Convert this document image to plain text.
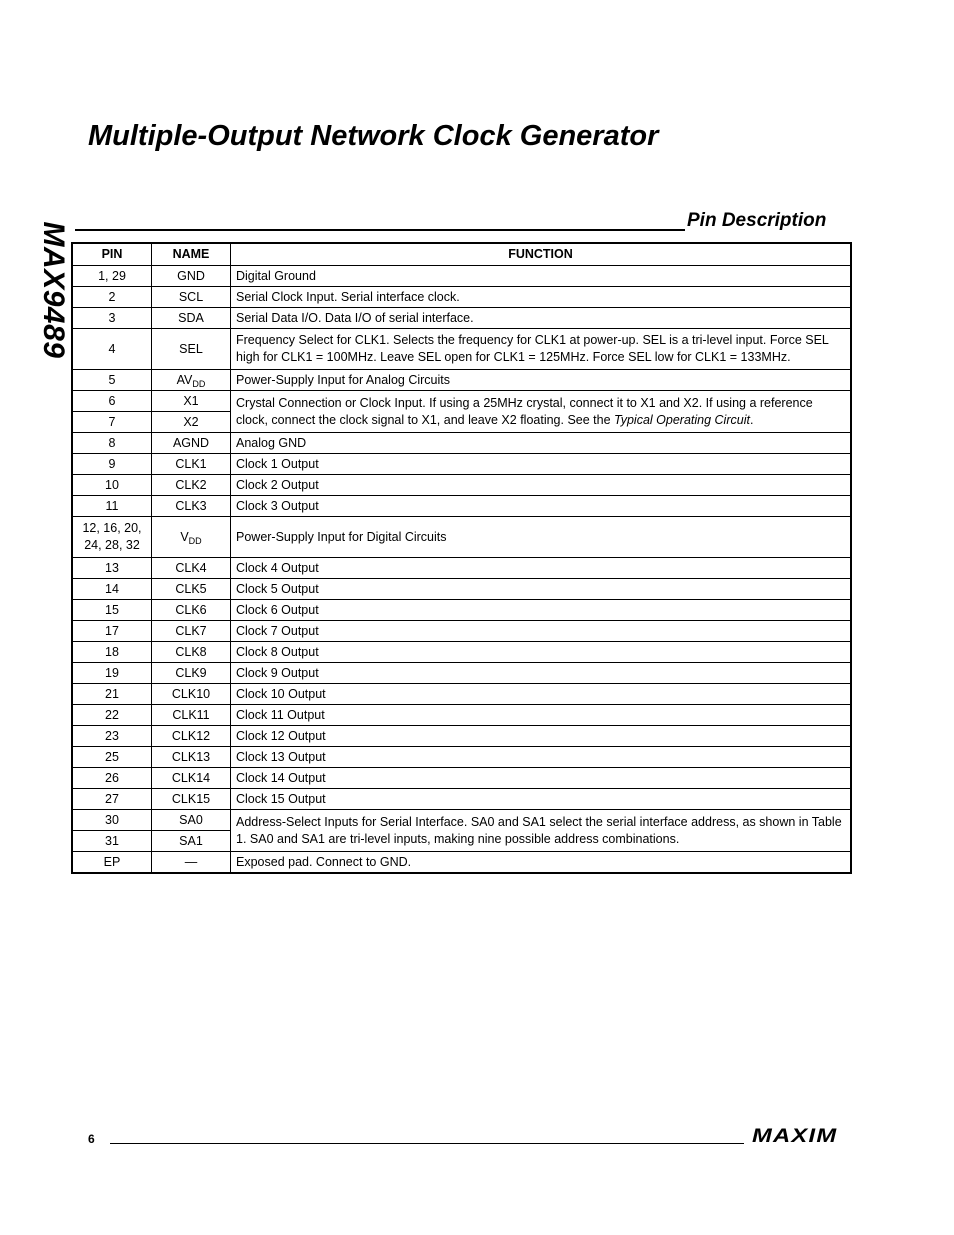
MAX9489
Multiple-Output Network Clock Generator
Pin Description
PIN	NAME	FUNCTION
1, 29	GND	Digital Ground
2	SCL	Serial Clock Input. Serial interface clock.
3	SDA	Serial Data I/O. Data I/O of serial interface.
4	SEL	Frequency Select for CLK1. Selects the frequency for CLK1 at power-up. SEL is a tri-level input. Force SEL high for CLK1 = 100MHz. Leave SEL open for CLK1 = 125MHz. Force SEL low for CLK1 = 133MHz.
5	$AV_{DD}$	Power-Supply Input for Analog Circuits
6	X1	Crystal Connection or Clock Input. If using a 25MHz crystal, connect it to X1 and X2. If using a reference clock, connect the clock signal to X1, and leave X2 floating. See the Typical Operating Circuit.
7	X2	
8	AGND	Analog GND
9	CLK1	Clock 1 Output
10	CLK2	Clock 2 Output
11	CLK3	Clock 3 Output
12, 16, 20,
24, 28, 32	$V_{DD}$	Power-Supply Input for Digital Circuits
13	CLK4	Clock 4 Output
14	CLK5	Clock 5 Output
15	CLK6	Clock 6 Output
17	CLK7	Clock 7 Output
18	CLK8	Clock 8 Output
19	CLK9	Clock 9 Output
21	CLK10	Clock 10 Output
22	CLK11	Clock 11 Output
23	CLK12	Clock 12 Output
25	CLK13	Clock 13 Output
26	CLK14	Clock 14 Output
27	CLK15	Clock 15 Output
30	SA0	Address-Select Inputs for Serial Interface. SA0 and SA1 select the serial interface address, as shown in Table 1. SA0 and SA1 are tri-level inputs, making nine possible address combinations.
31	SA1	
EP	—	Exposed pad. Connect to GND.
6	MAXIM
